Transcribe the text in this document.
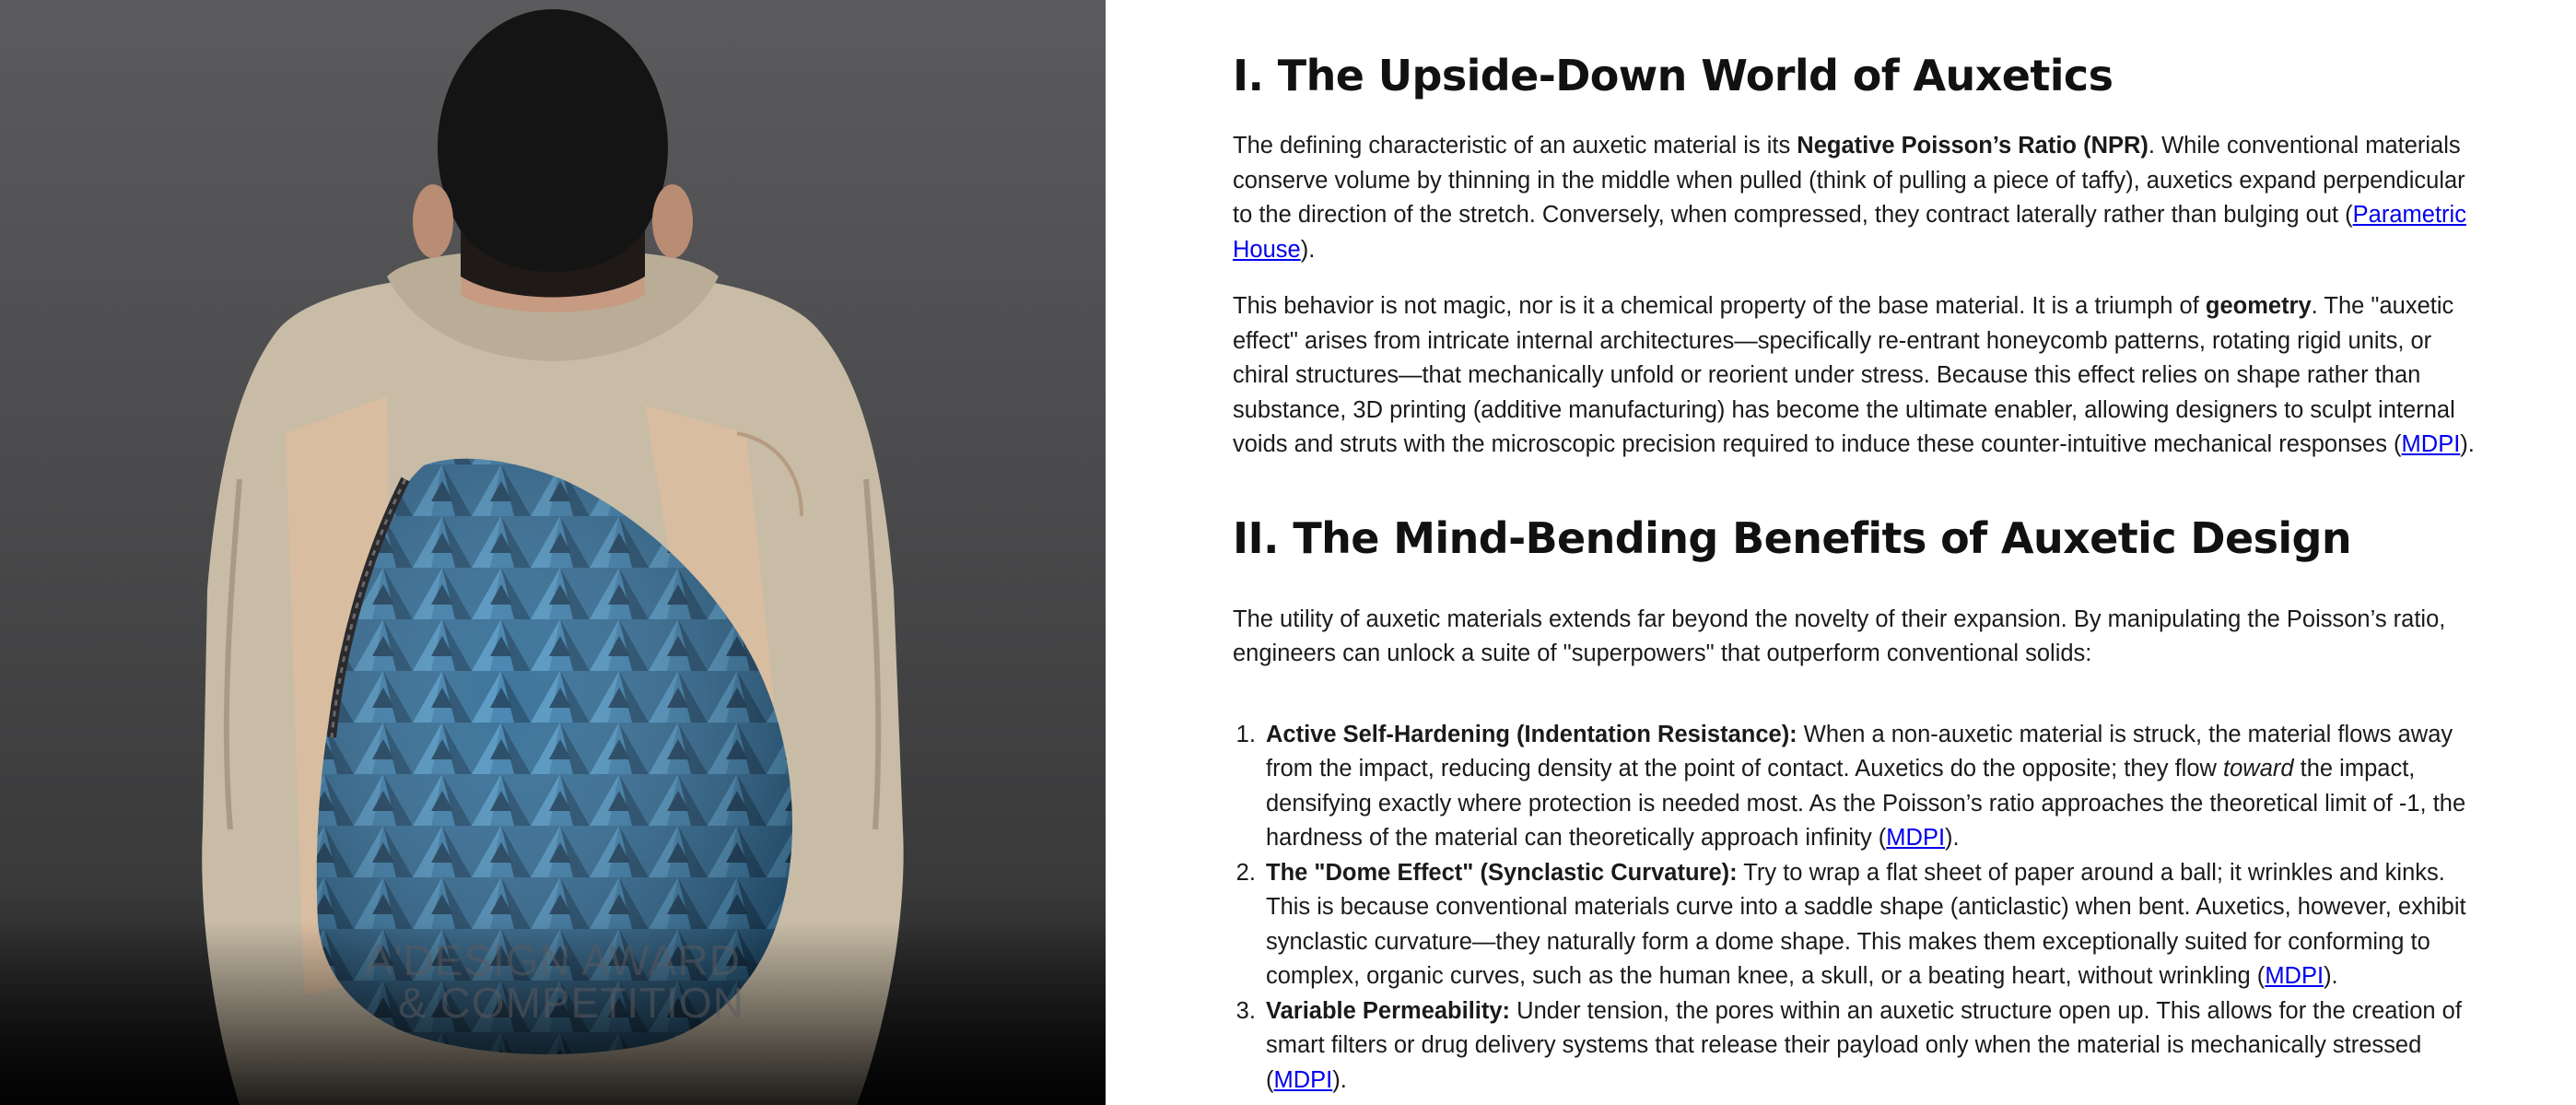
A'DESIGN AWARD
& COMPETITION
I. The Upside-Down World of Auxetics

The defining characteristic of an auxetic material is its Negative Poisson’s Ratio (NPR). While conventional materials conserve volume by thinning in the middle when pulled (think of pulling a piece of taffy), auxetics expand perpendicular to the direction of the stretch. Conversely, when compressed, they contract laterally rather than bulging out (Parametric House).

This behavior is not magic, nor is it a chemical property of the base material. It is a triumph of geometry. The "auxetic effect" arises from intricate internal architectures—specifically re-entrant honeycomb patterns, rotating rigid units, or chiral structures—that mechanically unfold or reorient under stress. Because this effect relies on shape rather than substance, 3D printing (additive manufacturing) has become the ultimate enabler, allowing designers to sculpt internal voids and struts with the microscopic precision required to induce these counter-intuitive mechanical responses (MDPI).

II. The Mind-Bending Benefits of Auxetic Design

The utility of auxetic materials extends far beyond the novelty of their expansion. By manipulating the Poisson’s ratio, engineers can unlock a suite of "superpowers" that outperform conventional solids:

1. Active Self-Hardening (Indentation Resistance): When a non-auxetic material is struck, the material flows away from the impact, reducing density at the point of contact. Auxetics do the opposite; they flow toward the impact, densifying exactly where protection is needed most. As the Poisson’s ratio approaches the theoretical limit of -1, the hardness of the material can theoretically approach infinity (MDPI).
2. The "Dome Effect" (Synclastic Curvature): Try to wrap a flat sheet of paper around a ball; it wrinkles and kinks. This is because conventional materials curve into a saddle shape (anticlastic) when bent. Auxetics, however, exhibit synclastic curvature—they naturally form a dome shape. This makes them exceptionally suited for conforming to complex, organic curves, such as the human knee, a skull, or a beating heart, without wrinkling (MDPI).
3. Variable Permeability: Under tension, the pores within an auxetic structure open up. This allows for the creation of smart filters or drug delivery systems that release their payload only when the material is mechanically stressed (MDPI).
